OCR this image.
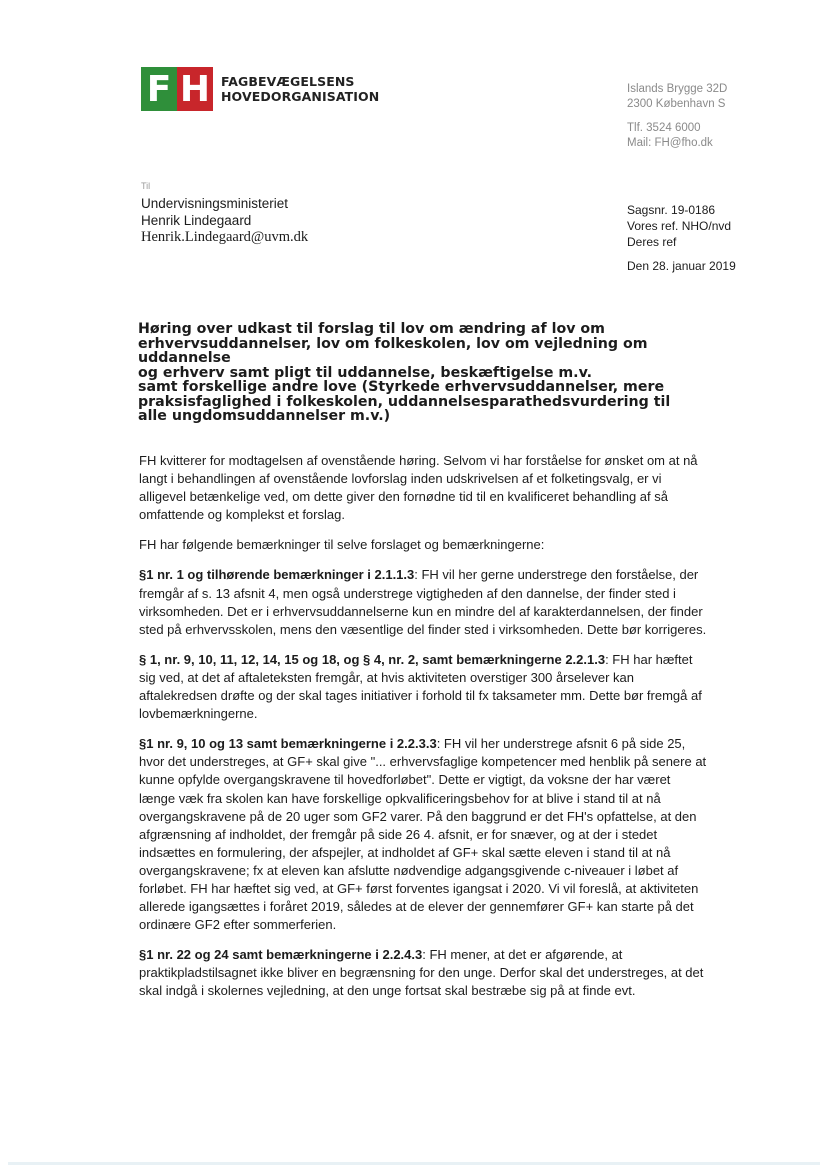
F H FAGBEVÆGELSENS
HOVEDORGANISATION	Islands Brygge 32D
2300 København S
Tlf. 3524 6000
Mail: FH@fho.dk
Til
Undervisningsministeriet
Henrik Lindegaard
Henrik.Lindegaard@uvm.dk
Sagsnr. 19-0186
Vores ref. NHO/nvd
Deres ref
Den 28. januar 2019
Høring over udkast til forslag til lov om ændring af lov om
erhvervsuddannelser, lov om folkeskolen, lov om vejledning om uddannelse
og erhverv samt pligt til uddannelse, beskæftigelse m.v.
samt forskellige andre love (Styrkede erhvervsuddannelser, mere
praksisfaglighed i folkeskolen, uddannelsesparathedsvurdering til
alle ungdomsuddannelser m.v.)

FH kvitterer for modtagelsen af ovenstående høring. Selvom vi har forståelse for ønsket om at nå langt i behandlingen af ovenstående lovforslag inden udskrivelsen af et folketingsvalg, er vi alligevel betænkelige ved, om dette giver den fornødne tid til en kvalificeret behandling af så omfattende og komplekst et forslag.

FH har følgende bemærkninger til selve forslaget og bemærkningerne:

§1 nr. 1 og tilhørende bemærkninger i 2.1.1.3: FH vil her gerne understrege den forståelse, der fremgår af s. 13 afsnit 4, men også understrege vigtigheden af den dannelse, der finder sted i virksomheden. Det er i erhvervsuddannelserne kun en mindre del af karakterdannelsen, der finder sted på erhvervsskolen, mens den væsentlige del finder sted i virksomheden. Dette bør korrigeres.

§ 1, nr. 9, 10, 11, 12, 14, 15 og 18, og § 4, nr. 2, samt bemærkningerne 2.2.1.3: FH har hæftet sig ved, at det af aftaleteksten fremgår, at hvis aktiviteten overstiger 300 årselever kan aftalekredsen drøfte og der skal tages initiativer i forhold til fx taksameter mm. Dette bør fremgå af lovbemærkningerne.

§1 nr. 9, 10 og 13 samt bemærkningerne i 2.2.3.3: FH vil her understrege afsnit 6 på side 25, hvor det understreges, at GF+ skal give "... erhvervsfaglige kompetencer med henblik på senere at kunne opfylde overgangskravene til hovedforløbet". Dette er vigtigt, da voksne der har været længe væk fra skolen kan have forskellige opkvalificeringsbehov for at blive i stand til at nå overgangskravene på de 20 uger som GF2 varer. På den baggrund er det FH's opfattelse, at den afgrænsning af indholdet, der fremgår på side 26 4. afsnit, er for snæver, og at der i stedet indsættes en formulering, der afspejler, at indholdet af GF+ skal sætte eleven i stand til at nå overgangskravene; fx at eleven kan afslutte nødvendige adgangsgivende c-niveauer i løbet af forløbet. FH har hæftet sig ved, at GF+ først forventes igangsat i 2020. Vi vil foreslå, at aktiviteten allerede igangsættes i foråret 2019, således at de elever der gennemfører GF+ kan starte på det ordinære GF2 efter sommerferien.

§1 nr. 22 og 24 samt bemærkningerne i 2.2.4.3: FH mener, at det er afgørende, at praktikpladstilsagnet ikke bliver en begrænsning for den unge. Derfor skal det understreges, at det skal indgå i skolernes vejledning, at den unge fortsat skal bestræbe sig på at finde evt.
